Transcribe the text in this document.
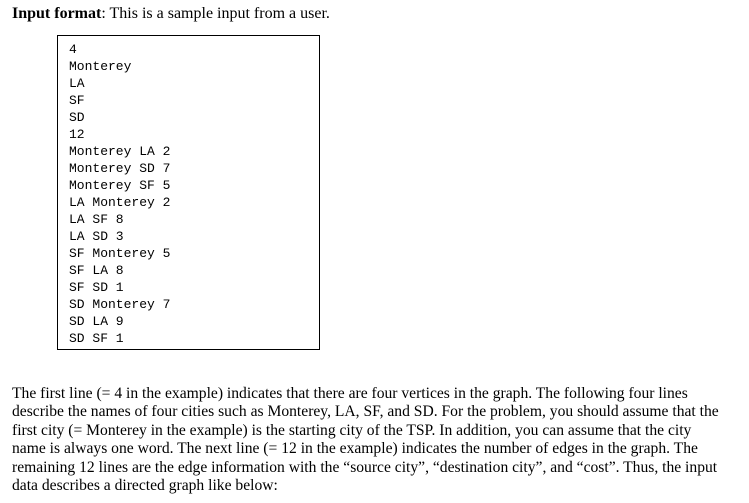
Input format: This is a sample input from a user.
4
Monterey
LA
SF
SD
12
Monterey LA 2
Monterey SD 7
Monterey SF 5
LA Monterey 2
LA SF 8
LA SD 3
SF Monterey 5
SF LA 8
SF SD 1
SD Monterey 7
SD LA 9
SD SF 1
The first line (= 4 in the example) indicates that there are four vertices in the graph. The following four lines describe the names of four cities such as Monterey, LA, SF, and SD. For the problem, you should assume that the first city (= Monterey in the example) is the starting city of the TSP. In addition, you can assume that the city name is always one word. The next line (= 12 in the example) indicates the number of edges in the graph. The remaining 12 lines are the edge information with the “source city”, “destination city”, and “cost”. Thus, the input data describes a directed graph like below:
